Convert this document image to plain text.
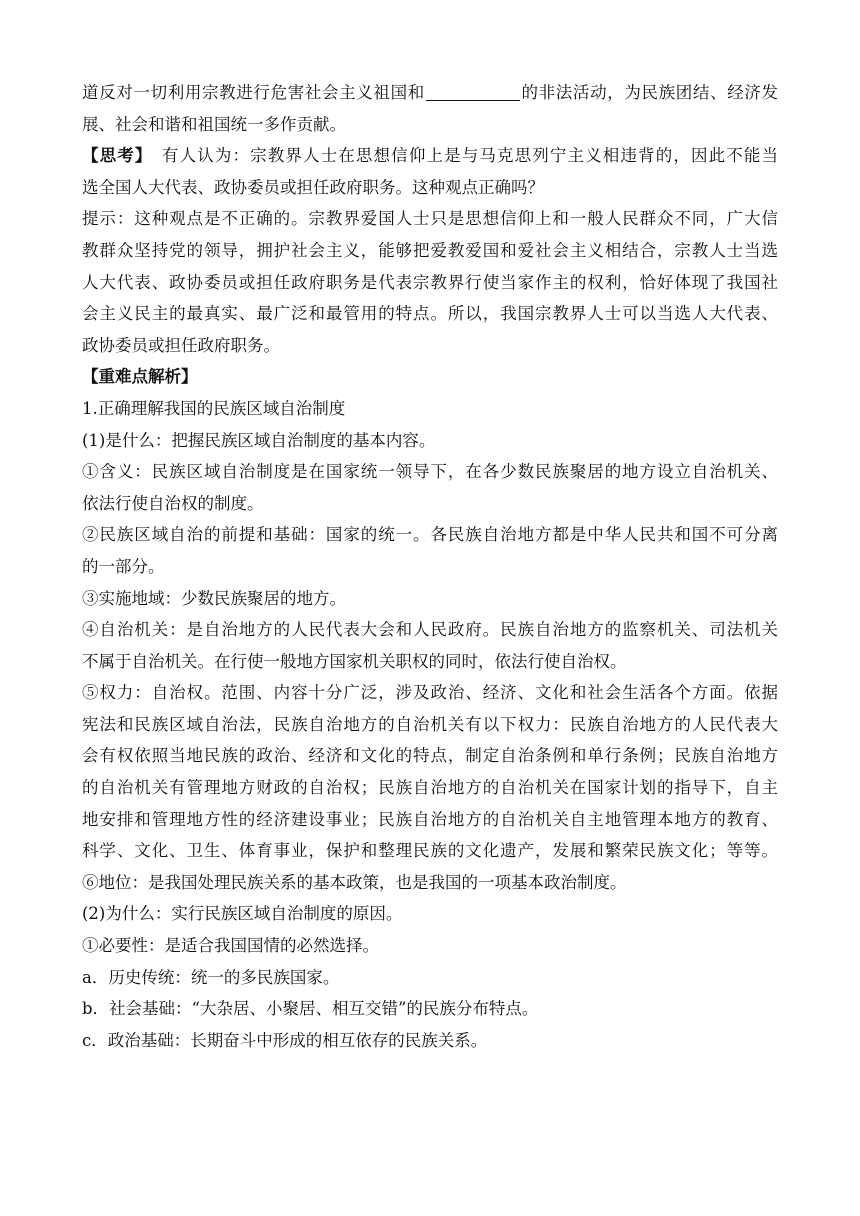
道反对一切利用宗教进行危害社会主义祖国和	的非法活动，为民族团结、经济发

展、社会和谐和祖国统一多作贡献。

【思考】　有人认为：宗教界人士在思想信仰上是与马克思列宁主义相违背的，因此不能当

选全国人大代表、政协委员或担任政府职务。这种观点正确吗？

提示：这种观点是不正确的。宗教界爱国人士只是思想信仰上和一般人民群众不同，广大信

教群众坚持党的领导，拥护社会主义，能够把爱教爱国和爱社会主义相结合，宗教人士当选

人大代表、政协委员或担任政府职务是代表宗教界行使当家作主的权利，恰好体现了我国社

会主义民主的最真实、最广泛和最管用的特点。所以，我国宗教界人士可以当选人大代表、

政协委员或担任政府职务。

【重难点解析】

1.正确理解我国的民族区域自治制度

(1)是什么：把握民族区域自治制度的基本内容。

①含义：民族区域自治制度是在国家统一领导下，在各少数民族聚居的地方设立自治机关、

依法行使自治权的制度。

②民族区域自治的前提和基础：国家的统一。各民族自治地方都是中华人民共和国不可分离

的一部分。

③实施地域：少数民族聚居的地方。

④自治机关：是自治地方的人民代表大会和人民政府。民族自治地方的监察机关、司法机关

不属于自治机关。在行使一般地方国家机关职权的同时，依法行使自治权。

⑤权力：自治权。范围、内容十分广泛，涉及政治、经济、文化和社会生活各个方面。依据

宪法和民族区域自治法，民族自治地方的自治机关有以下权力：民族自治地方的人民代表大

会有权依照当地民族的政治、经济和文化的特点，制定自治条例和单行条例；民族自治地方

的自治机关有管理地方财政的自治权；民族自治地方的自治机关在国家计划的指导下，自主

地安排和管理地方性的经济建设事业；民族自治地方的自治机关自主地管理本地方的教育、

科学、文化、卫生、体育事业，保护和整理民族的文化遗产，发展和繁荣民族文化；等等。

⑥地位：是我国处理民族关系的基本政策，也是我国的一项基本政治制度。

(2)为什么：实行民族区域自治制度的原因。

①必要性：是适合我国国情的必然选择。

a．历史传统：统一的多民族国家。

b．社会基础：“大杂居、小聚居、相互交错”的民族分布特点。

c．政治基础：长期奋斗中形成的相互依存的民族关系。
